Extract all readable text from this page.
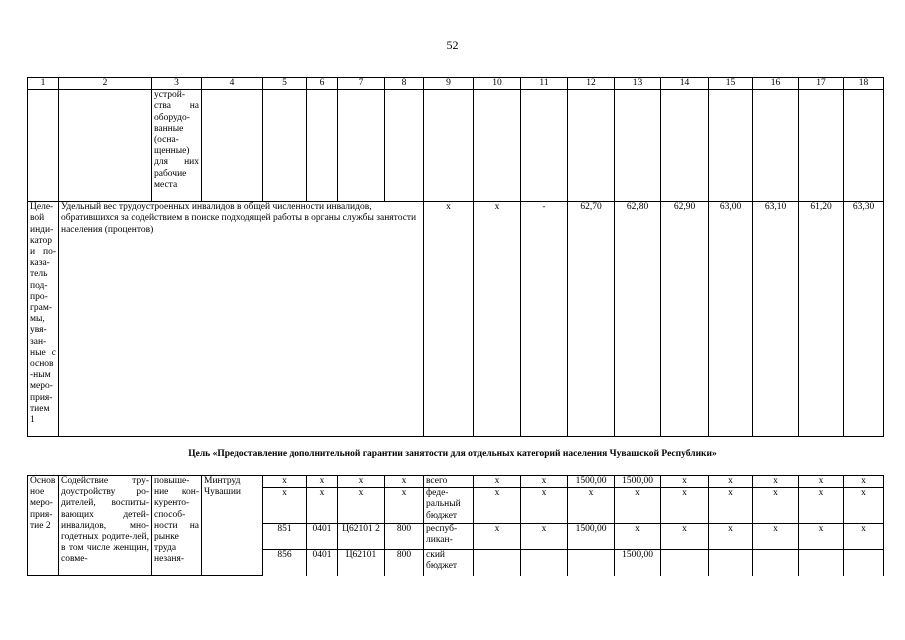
52
1	2	3	4	5	6	7	8	9	10	11	12	13	14	15	16	17	18
		устрой-ства на оборудо-ванные (осна-щенные) для них рабочие места															
Целе-вой инди-катор и по-каза-тель под-про-грам-мы, увя-зан-ные с основ-ным меро-прия-тием 1	Удельный вес трудоустроенных инвалидов в общей численности инвалидов, обратившихся за содействием в поиске подходящей работы в органы службы занятости населения (процентов)							х	х	-	62,70	62,80	62,90	63,00	63,10	61,20	63,30
Цель «Предоставление дополнительной гарантии занятости для отдельных категорий населения Чувашской Республики»
Основ ное меро-прия-тие 2	Содействие тру-доустройству ро-дителей, воспиты-вающих детей-инвалидов, мно-годетных родите-лей, в том числе женщин, совме-	повыше-ние кон-куренто-способ-ности на рынке труда незаня-	Минтруд Чувашии	х	х	х	х	всего	х	х	1500,00	1500,00	х	х	х	х	х
				х	х	х	х	феде-ральный бюджет	х	х	х	х	х	х	х	х	х
				851	0401	Ц62101 2	800	респуб-ликан-	х	х	1500,00	х	х	х	х	х	х
				856	0401	Ц62101	800	ский бюджет				1500,00					
